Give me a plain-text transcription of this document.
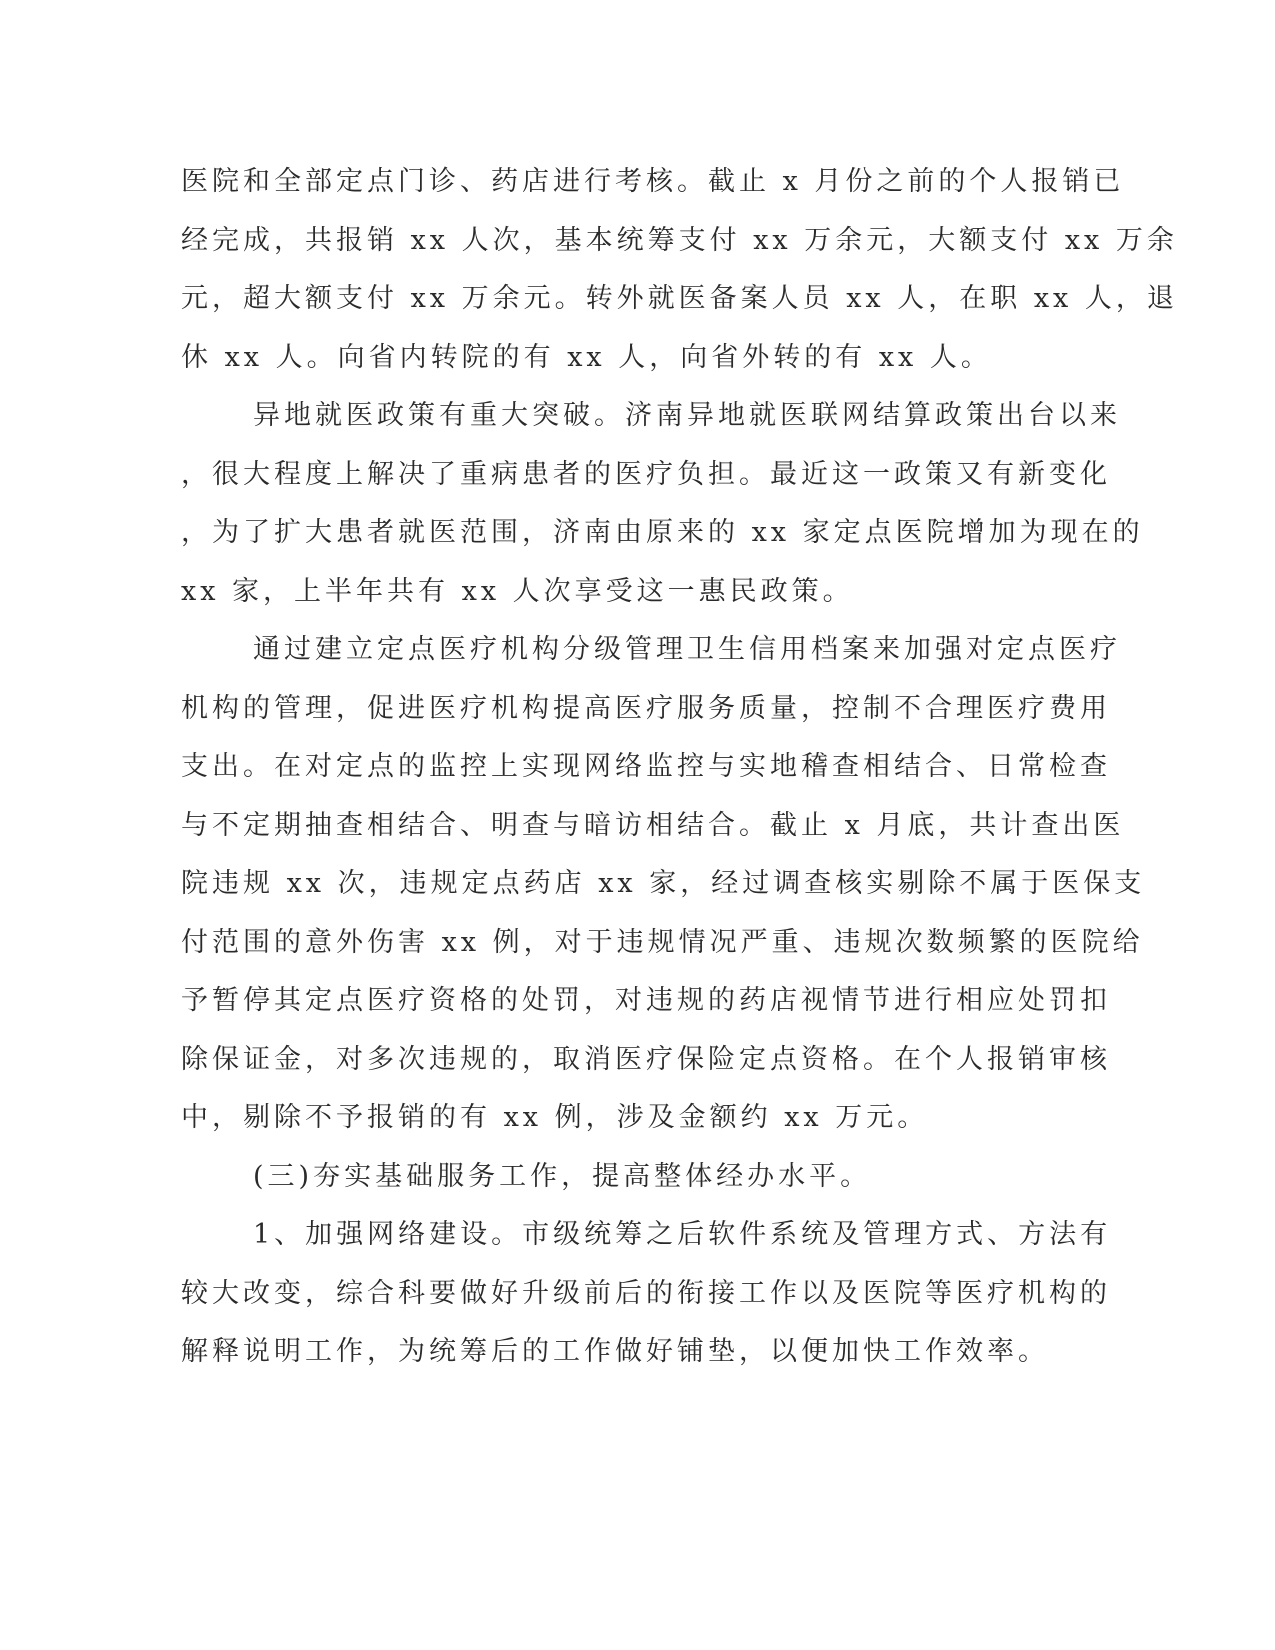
医院和全部定点门诊、药店进行考核。截止 x 月份之前的个人报销已
经完成，共报销 xx 人次，基本统筹支付 xx 万余元，大额支付 xx 万余
元，超大额支付 xx 万余元。转外就医备案人员 xx 人，在职 xx 人，退
休 xx 人。向省内转院的有 xx 人，向省外转的有 xx 人。
异地就医政策有重大突破。济南异地就医联网结算政策出台以来
，很大程度上解决了重病患者的医疗负担。最近这一政策又有新变化
，为了扩大患者就医范围，济南由原来的 xx 家定点医院增加为现在的
xx 家，上半年共有 xx 人次享受这一惠民政策。
通过建立定点医疗机构分级管理卫生信用档案来加强对定点医疗
机构的管理，促进医疗机构提高医疗服务质量，控制不合理医疗费用
支出。在对定点的监控上实现网络监控与实地稽查相结合、日常检查
与不定期抽查相结合、明查与暗访相结合。截止 x 月底，共计查出医
院违规 xx 次，违规定点药店 xx 家，经过调查核实剔除不属于医保支
付范围的意外伤害 xx 例，对于违规情况严重、违规次数频繁的医院给
予暂停其定点医疗资格的处罚，对违规的药店视情节进行相应处罚扣
除保证金，对多次违规的，取消医疗保险定点资格。在个人报销审核
中，剔除不予报销的有 xx 例，涉及金额约 xx 万元。
(三)夯实基础服务工作，提高整体经办水平。
1、加强网络建设。市级统筹之后软件系统及管理方式、方法有
较大改变，综合科要做好升级前后的衔接工作以及医院等医疗机构的
解释说明工作，为统筹后的工作做好铺垫，以便加快工作效率。
